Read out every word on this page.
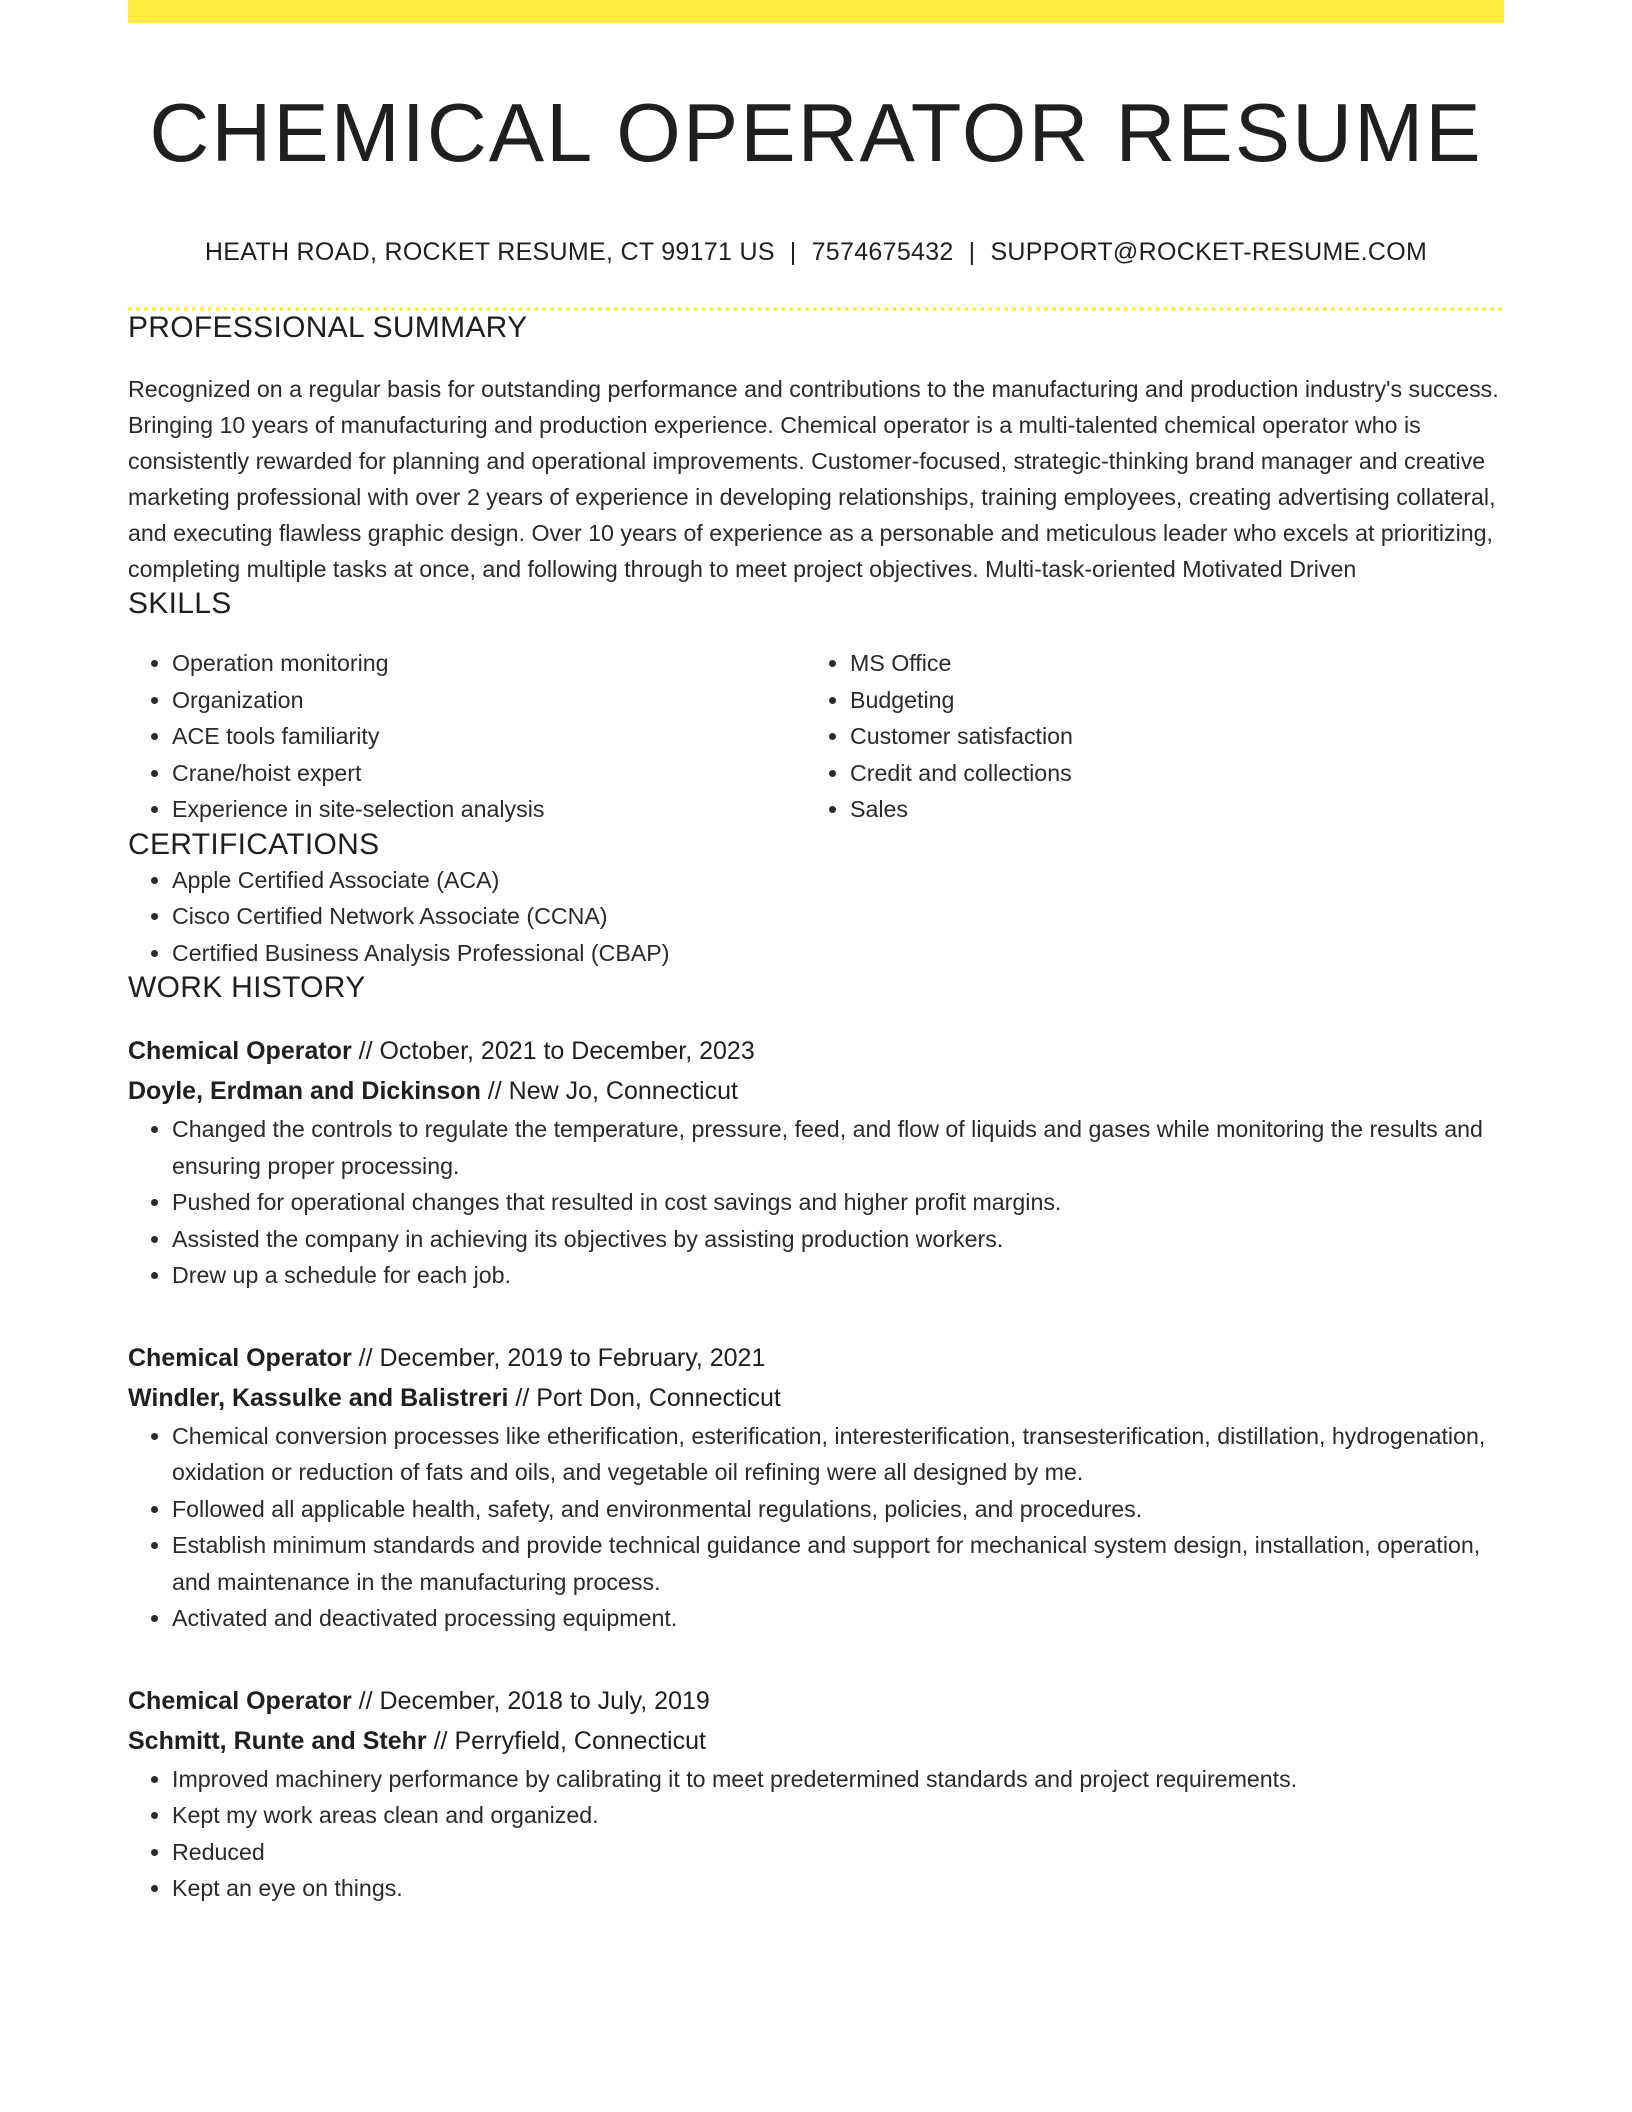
CHEMICAL OPERATOR RESUME
HEATH ROAD, ROCKET RESUME, CT 99171 US | 7574675432 | SUPPORT@ROCKET-RESUME.COM
PROFESSIONAL SUMMARY

Recognized on a regular basis for outstanding performance and contributions to the manufacturing and production industry's success. Bringing 10 years of manufacturing and production experience. Chemical operator is a multi-talented chemical operator who is consistently rewarded for planning and operational improvements. Customer-focused, strategic-thinking brand manager and creative marketing professional with over 2 years of experience in developing relationships, training employees, creating advertising collateral, and executing flawless graphic design. Over 10 years of experience as a personable and meticulous leader who excels at prioritizing, completing multiple tasks at once, and following through to meet project objectives. Multi-task-oriented Motivated Driven

SKILLS
• Operation monitoring
• Organization
• ACE tools familiarity
• Crane/hoist expert
• Experience in site-selection analysis
• MS Office
• Budgeting
• Customer satisfaction
• Credit and collections
• Sales
CERTIFICATIONS
• Apple Certified Associate (ACA)
• Cisco Certified Network Associate (CCNA)
• Certified Business Analysis Professional (CBAP)
WORK HISTORY
Chemical Operator // October, 2021 to December, 2023
Doyle, Erdman and Dickinson // New Jo, Connecticut
• Changed the controls to regulate the temperature, pressure, feed, and flow of liquids and gases while monitoring the results and ensuring proper processing.
• Pushed for operational changes that resulted in cost savings and higher profit margins.
• Assisted the company in achieving its objectives by assisting production workers.
• Drew up a schedule for each job.
Chemical Operator // December, 2019 to February, 2021
Windler, Kassulke and Balistreri // Port Don, Connecticut
• Chemical conversion processes like etherification, esterification, interesterification, transesterification, distillation, hydrogenation, oxidation or reduction of fats and oils, and vegetable oil refining were all designed by me.
• Followed all applicable health, safety, and environmental regulations, policies, and procedures.
• Establish minimum standards and provide technical guidance and support for mechanical system design, installation, operation, and maintenance in the manufacturing process.
• Activated and deactivated processing equipment.
Chemical Operator // December, 2018 to July, 2019
Schmitt, Runte and Stehr // Perryfield, Connecticut
• Improved machinery performance by calibrating it to meet predetermined standards and project requirements.
• Kept my work areas clean and organized.
• Reduced
• Kept an eye on things.
